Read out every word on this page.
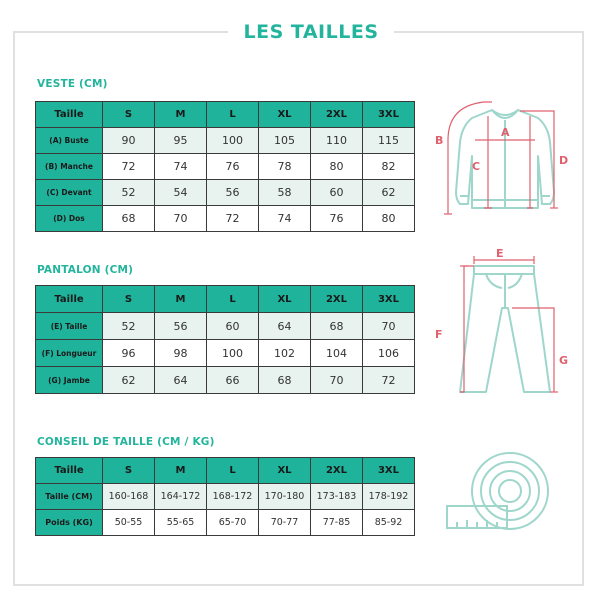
LES TAILLES
VESTE (CM)
Taille	S	M	L	XL	2XL	3XL
(A) Buste	90	95	100	105	110	115
(B) Manche	72	74	76	78	80	82
(C) Devant	52	54	56	58	60	62
(D) Dos	68	70	72	74	76	80
PANTALON (CM)
Taille	S	M	L	XL	2XL	3XL
(E) Taille	52	56	60	64	68	70
(F) Longueur	96	98	100	102	104	106
(G) Jambe	62	64	66	68	70	72
CONSEIL DE TAILLE (CM / KG)
Taille	S	M	L	XL	2XL	3XL
Taille (CM)	160-168	164-172	168-172	170-180	173-183	178-192
Poids (KG)	50-55	55-65	65-70	70-77	77-85	85-92
B
A
C	D
E
F
G
